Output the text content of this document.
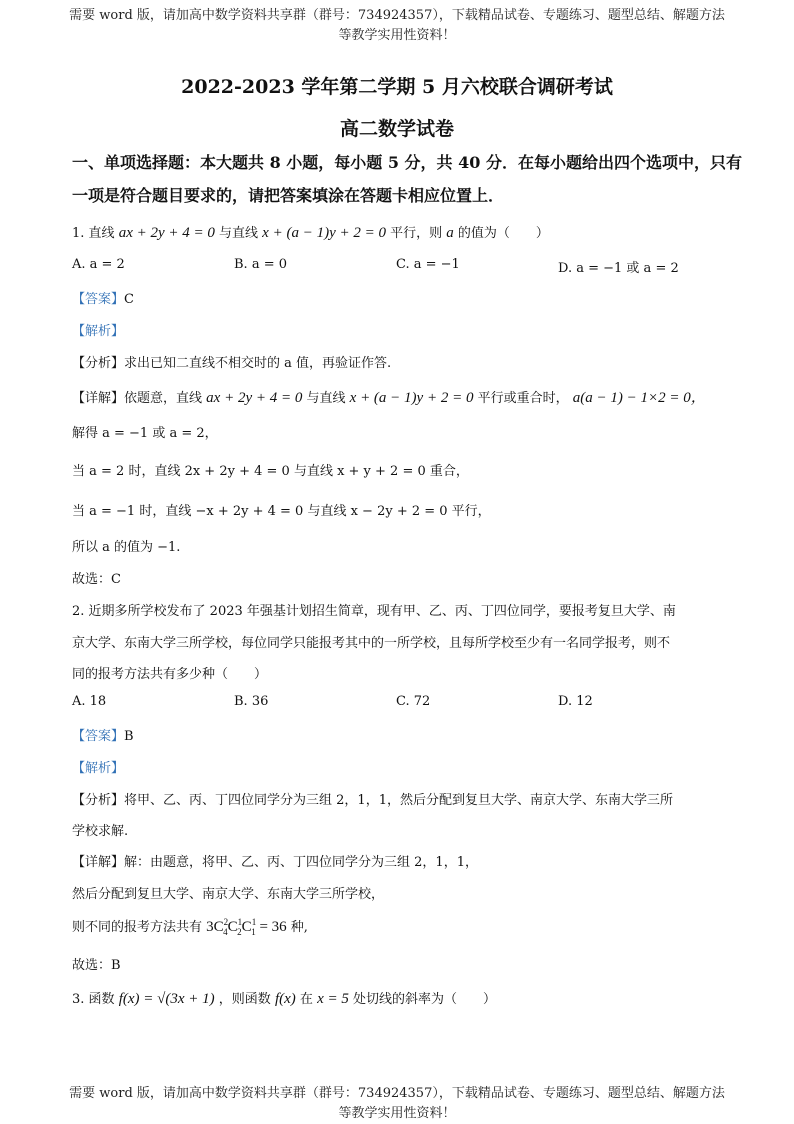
需要 word 版，请加高中数学资料共享群（群号：734924357），下载精品试卷、专题练习、题型总结、解题方法
等教学实用性资料！
2022-2023 学年第二学期 5 月六校联合调研考试
高二数学试卷
一、单项选择题：本大题共 8 小题，每小题 5 分，共 40 分．在每小题给出四个选项中，只有
一项是符合题目要求的，请把答案填涂在答题卡相应位置上．
1. 直线 ax + 2y + 4 = 0 与直线 x + (a − 1)y + 2 = 0 平行，则 a 的值为（　　）
A. a = 2	B. a = 0	C. a = −1	D. a = −1 或 a = 2
【答案】C
【解析】
【分析】求出已知二直线不相交时的 a 值，再验证作答.
【详解】依题意，直线 ax + 2y + 4 = 0 与直线 x + (a − 1)y + 2 = 0 平行或重合时， a(a − 1) − 1×2 = 0，
解得 a = −1 或 a = 2，
当 a = 2 时，直线 2x + 2y + 4 = 0 与直线 x + y + 2 = 0 重合，
当 a = −1 时，直线 −x + 2y + 4 = 0 与直线 x − 2y + 2 = 0 平行，
所以 a 的值为 −1.
故选：C
2. 近期多所学校发布了 2023 年强基计划招生简章，现有甲、乙、丙、丁四位同学，要报考复旦大学、南
京大学、东南大学三所学校，每位同学只能报考其中的一所学校，且每所学校至少有一名同学报考，则不
同的报考方法共有多少种（　　）
A. 18	B. 36	C. 72	D. 12
【答案】B
【解析】
【分析】将甲、乙、丙、丁四位同学分为三组 2，1，1，然后分配到复旦大学、南京大学、东南大学三所
学校求解.
【详解】解：由题意，将甲、乙、丙、丁四位同学分为三组 2，1，1，
然后分配到复旦大学、南京大学、东南大学三所学校，
则不同的报考方法共有 $3C^2_4C^1_2C^1_1 = 36$ 种,
故选：B
3. 函数 f(x) = √(3x + 1) ，则函数 f(x) 在 x = 5 处切线的斜率为（　　）
需要 word 版，请加高中数学资料共享群（群号：734924357），下载精品试卷、专题练习、题型总结、解题方法
等教学实用性资料！
